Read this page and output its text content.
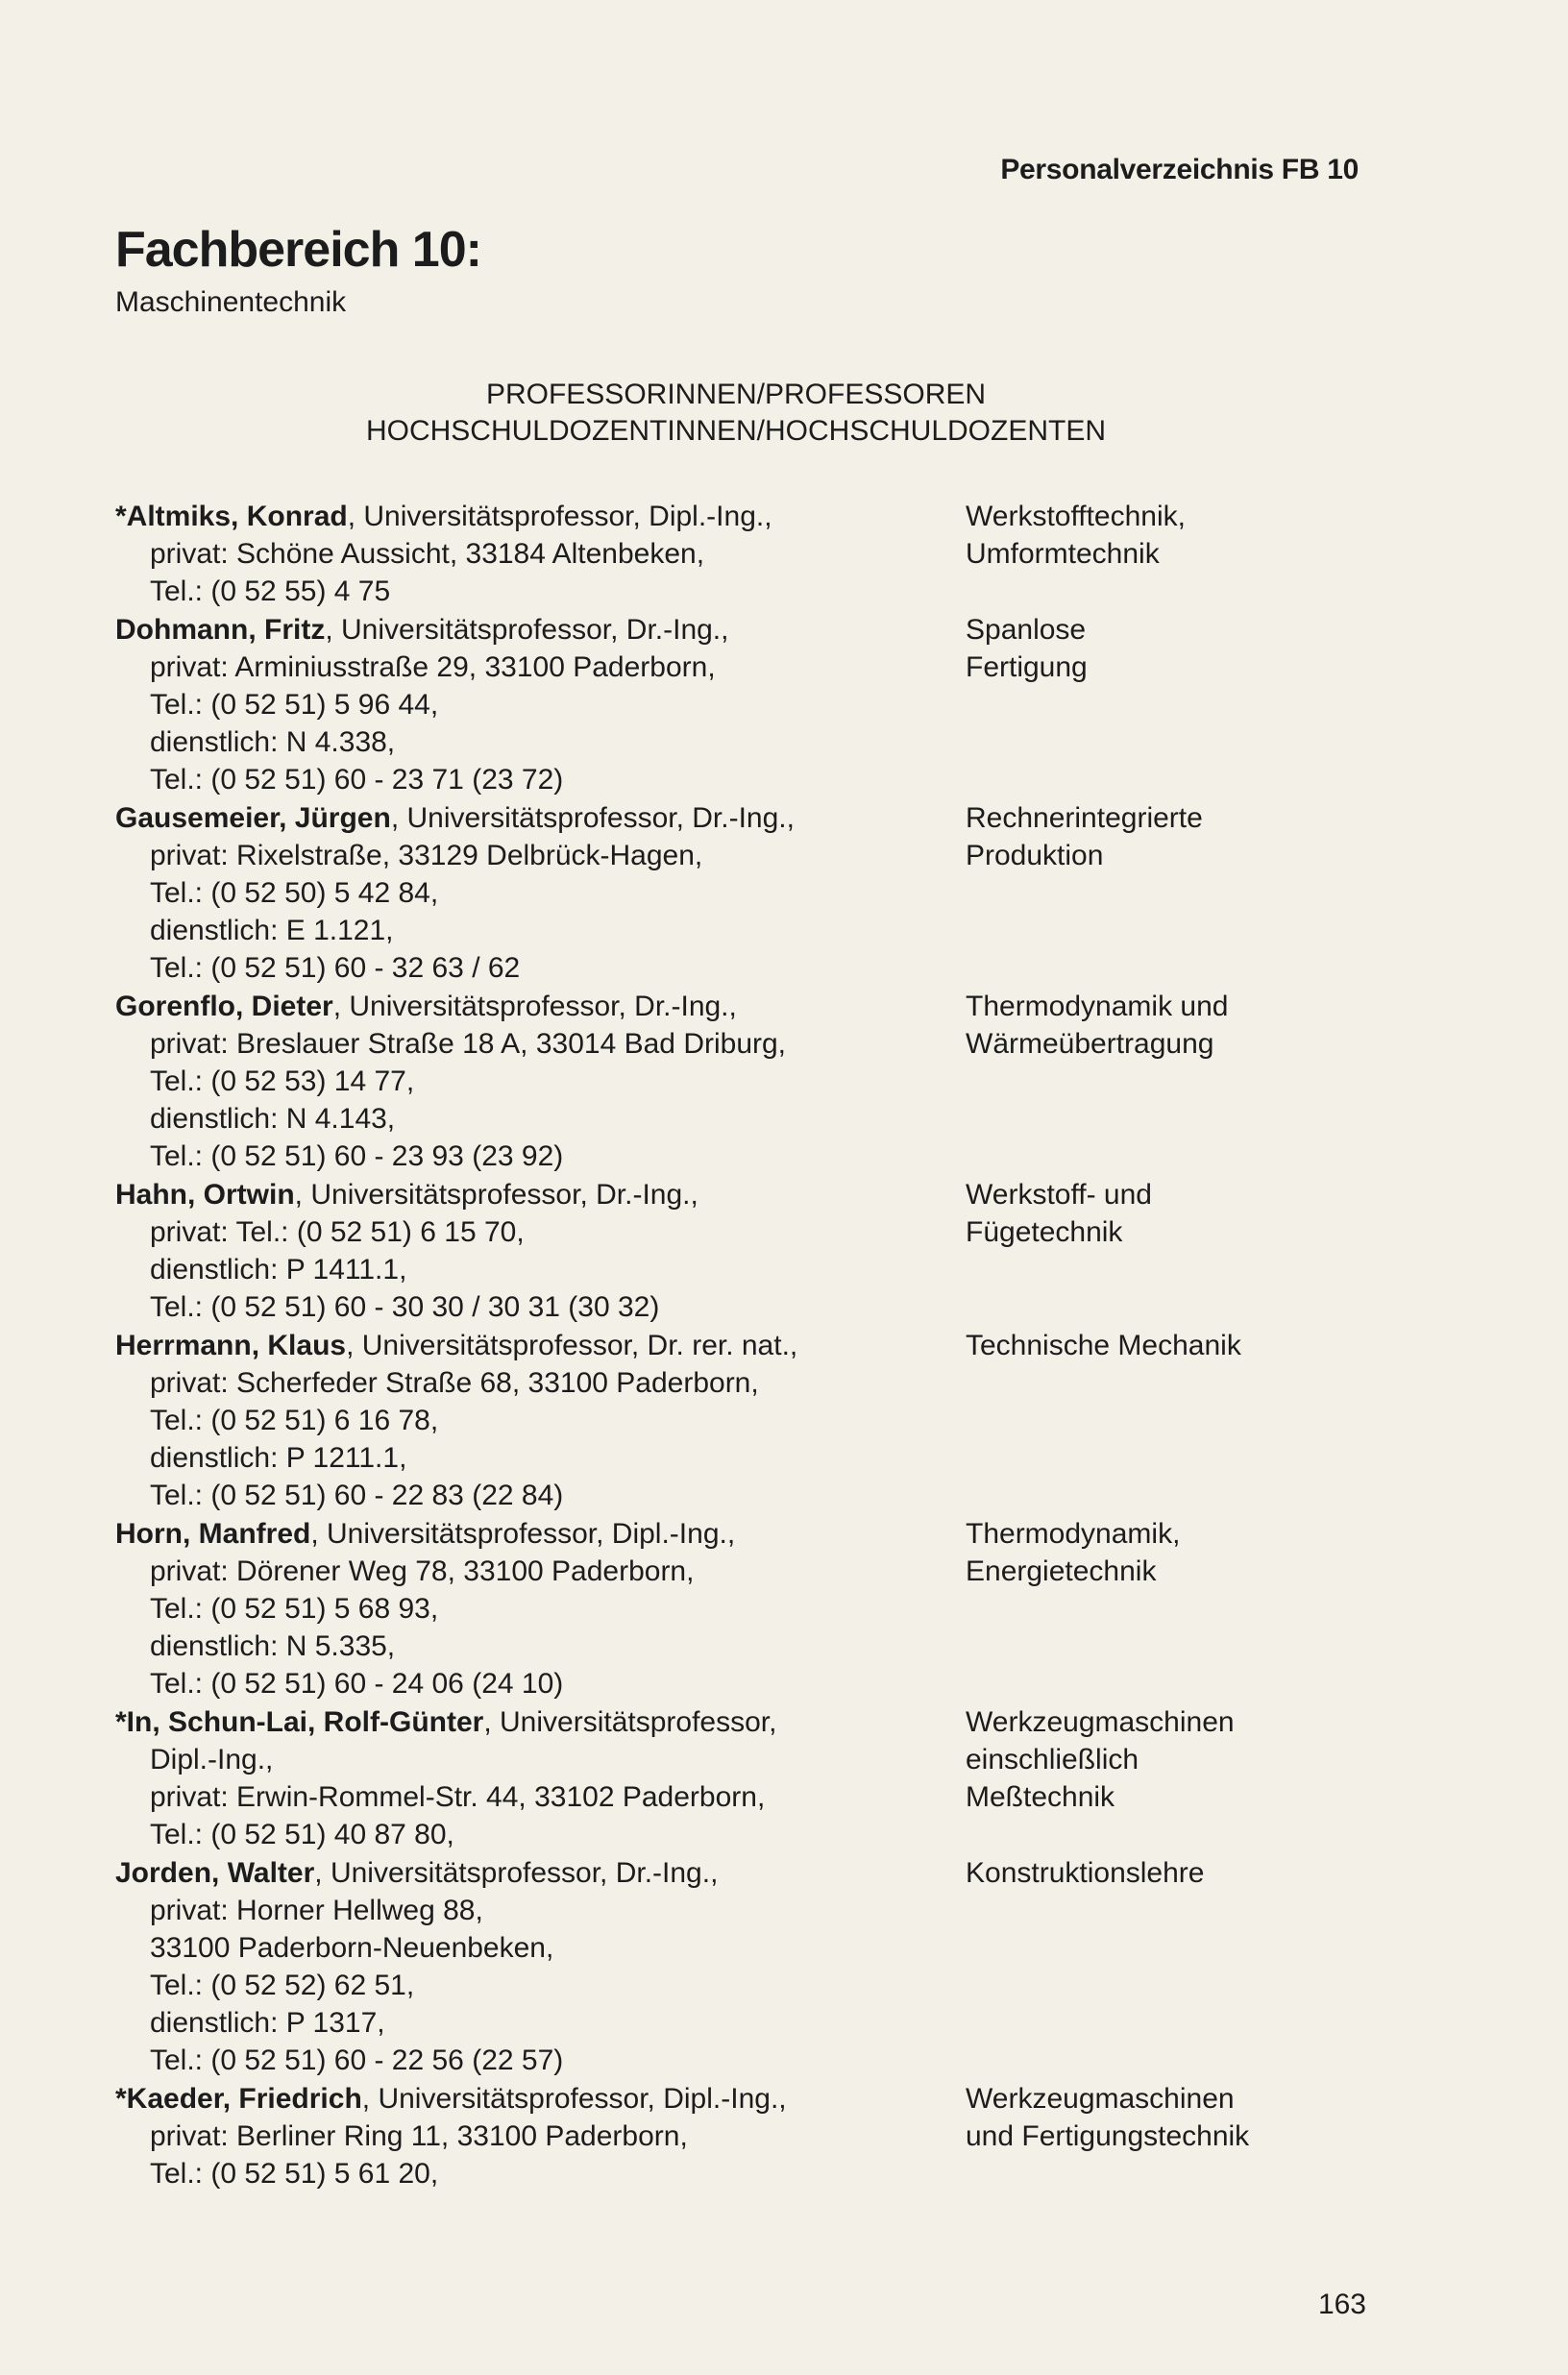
Personalverzeichnis FB 10
Fachbereich 10:
Maschinentechnik
PROFESSORINNEN/PROFESSOREN
HOCHSCHULDOZENTINNEN/HOCHSCHULDOZENTEN
*Altmiks, Konrad, Universitätsprofessor, Dipl.-Ing.,
privat: Schöne Aussicht, 33184 Altenbeken,
Tel.: (0 52 55) 4 75
Werkstofftechnik,
Umformtechnik
Dohmann, Fritz, Universitätsprofessor, Dr.-Ing.,
privat: Arminiusstraße 29, 33100 Paderborn,
Tel.: (0 52 51) 5 96 44,
dienstlich: N 4.338,
Tel.: (0 52 51) 60 - 23 71 (23 72)
Spanlose
Fertigung
Gausemeier, Jürgen, Universitätsprofessor, Dr.-Ing.,
privat: Rixelstraße, 33129 Delbrück-Hagen,
Tel.: (0 52 50) 5 42 84,
dienstlich: E 1.121,
Tel.: (0 52 51) 60 - 32 63 / 62
Rechnerintegrierte
Produktion
Gorenflo, Dieter, Universitätsprofessor, Dr.-Ing.,
privat: Breslauer Straße 18 A, 33014 Bad Driburg,
Tel.: (0 52 53) 14 77,
dienstlich: N 4.143,
Tel.: (0 52 51) 60 - 23 93 (23 92)
Thermodynamik und
Wärmeübertragung
Hahn, Ortwin, Universitätsprofessor, Dr.-Ing.,
privat: Tel.: (0 52 51) 6 15 70,
dienstlich: P 1411.1,
Tel.: (0 52 51) 60 - 30 30 / 30 31 (30 32)
Werkstoff- und
Fügetechnik
Herrmann, Klaus, Universitätsprofessor, Dr. rer. nat.,
privat: Scherfeder Straße 68, 33100 Paderborn,
Tel.: (0 52 51) 6 16 78,
dienstlich: P 1211.1,
Tel.: (0 52 51) 60 - 22 83 (22 84)
Technische Mechanik
Horn, Manfred, Universitätsprofessor, Dipl.-Ing.,
privat: Dörener Weg 78, 33100 Paderborn,
Tel.: (0 52 51) 5 68 93,
dienstlich: N 5.335,
Tel.: (0 52 51) 60 - 24 06 (24 10)
Thermodynamik,
Energietechnik
*In, Schun-Lai, Rolf-Günter, Universitätsprofessor,
Dipl.-Ing.,
privat: Erwin-Rommel-Str. 44, 33102 Paderborn,
Tel.: (0 52 51) 40 87 80,
Werkzeugmaschinen
einschließlich
Meßtechnik
Jorden, Walter, Universitätsprofessor, Dr.-Ing.,
privat: Horner Hellweg 88,
33100 Paderborn-Neuenbeken,
Tel.: (0 52 52) 62 51,
dienstlich: P 1317,
Tel.: (0 52 51) 60 - 22 56 (22 57)
Konstruktionslehre
*Kaeder, Friedrich, Universitätsprofessor, Dipl.-Ing.,
privat: Berliner Ring 11, 33100 Paderborn,
Tel.: (0 52 51) 5 61 20,
Werkzeugmaschinen
und Fertigungstechnik
163
